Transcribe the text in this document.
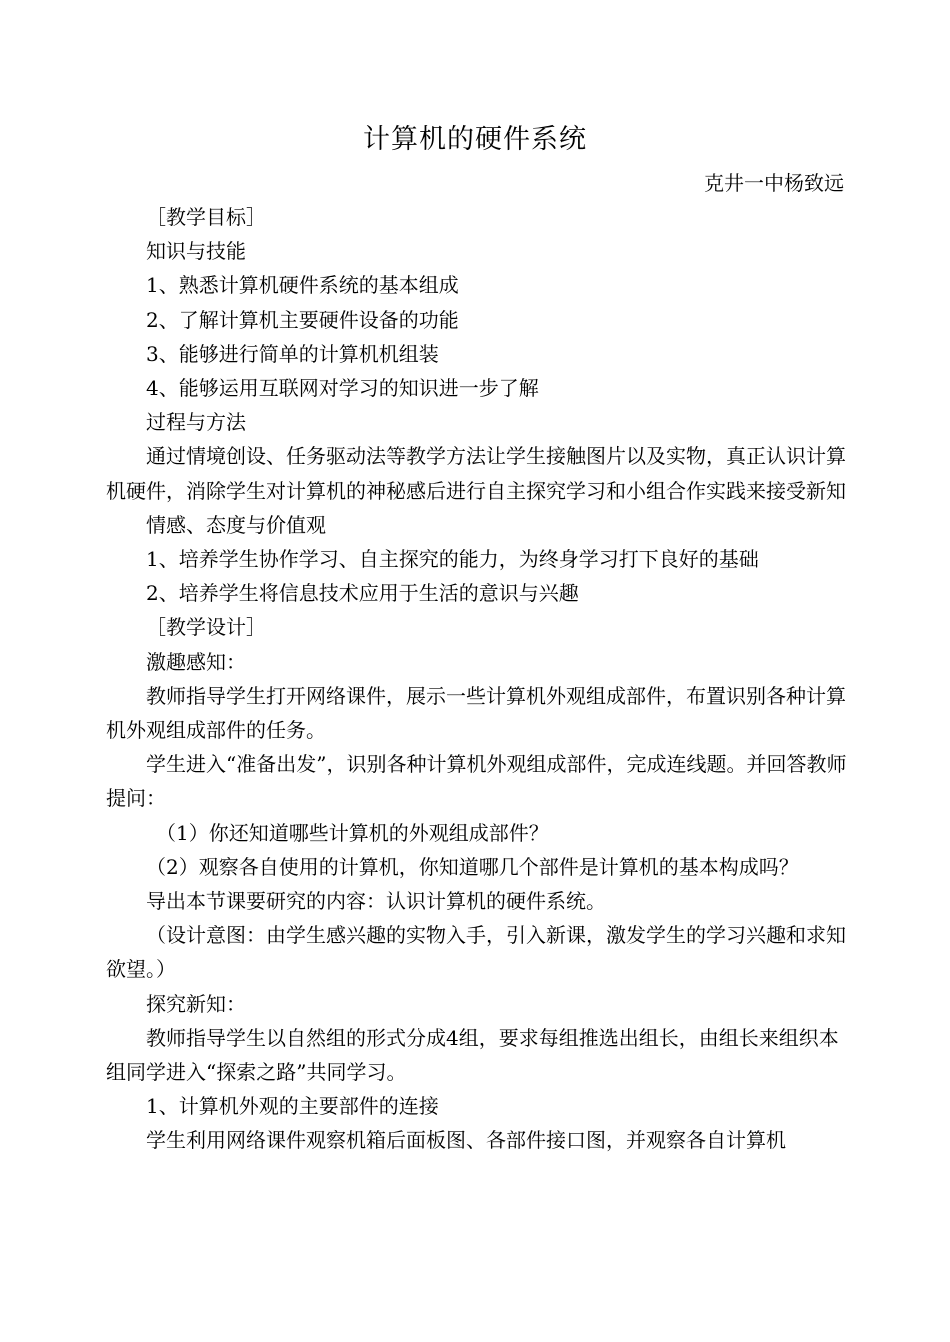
计算机的硬件系统
克井一中杨致远

［教学目标］

知识与技能

1、熟悉计算机硬件系统的基本组成

2、了解计算机主要硬件设备的功能

3、能够进行简单的计算机机组装

4、能够运用互联网对学习的知识进一步了解

过程与方法

通过情境创设、任务驱动法等教学方法让学生接触图片以及实物，真正认识计算机硬件，消除学生对计算机的神秘感后进行自主探究学习和小组合作实践来接受新知

情感、态度与价值观

1、培养学生协作学习、自主探究的能力，为终身学习打下良好的基础

2、培养学生将信息技术应用于生活的意识与兴趣

［教学设计］

激趣感知：

教师指导学生打开网络课件，展示一些计算机外观组成部件，布置识别各种计算机外观组成部件的任务。

学生进入“准备出发”，识别各种计算机外观组成部件，完成连线题。并回答教师提问：

（1）你还知道哪些计算机的外观组成部件？

（2）观察各自使用的计算机，你知道哪几个部件是计算机的基本构成吗？

导出本节课要研究的内容：认识计算机的硬件系统。

（设计意图：由学生感兴趣的实物入手，引入新课，激发学生的学习兴趣和求知欲望。）

探究新知：

教师指导学生以自然组的形式分成4组，要求每组推选出组长，由组长来组织本组同学进入“探索之路”共同学习。

1、计算机外观的主要部件的连接

学生利用网络课件观察机箱后面板图、各部件接口图，并观察各自计算机
